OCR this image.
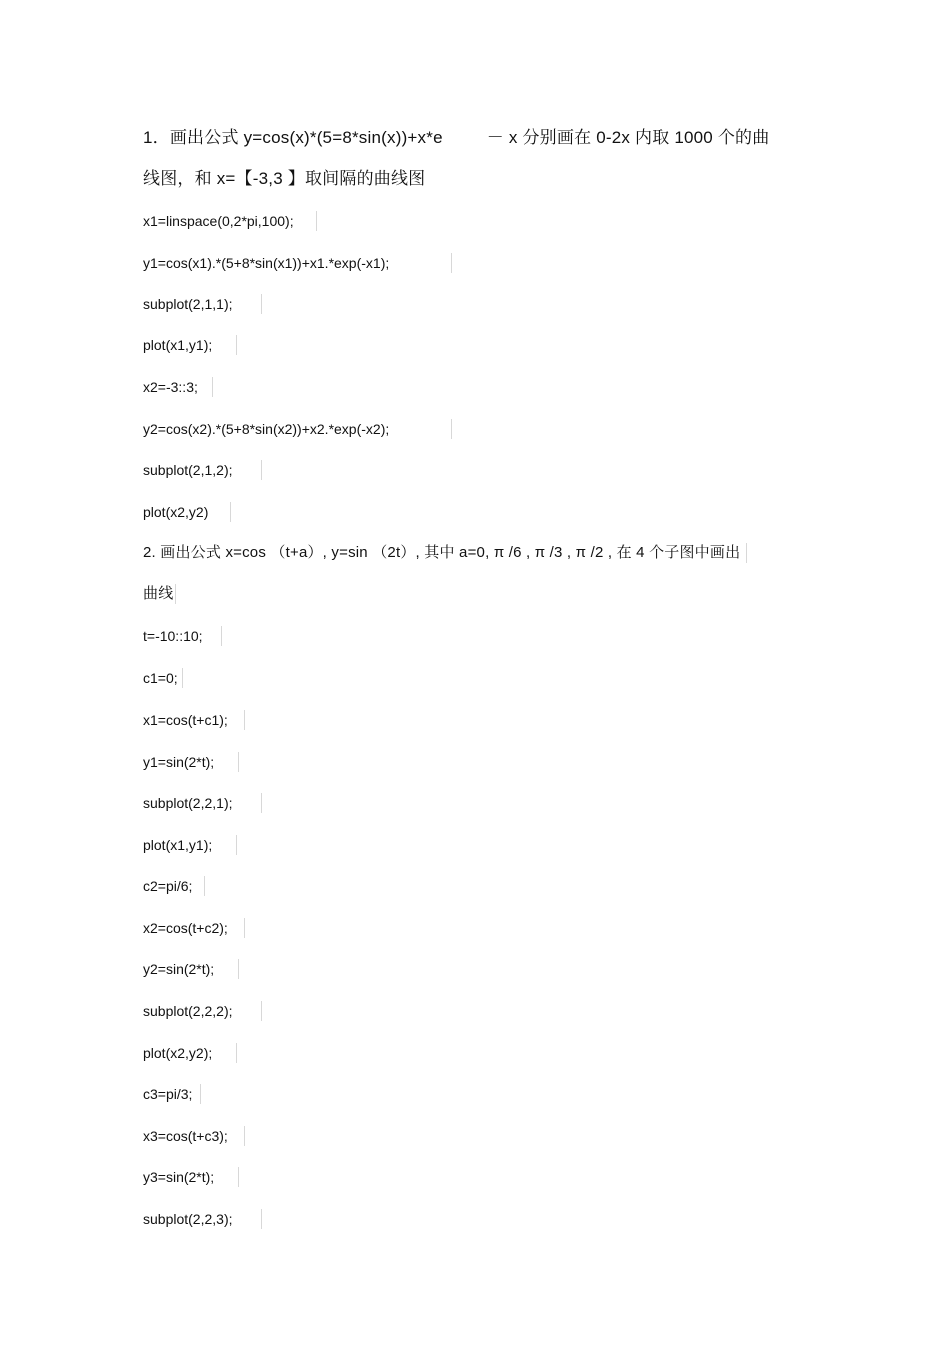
1．画出公式 y=cos(x)*(5=8*sin(x))+x*e	－ x 分别画在 0-2x 内取 1000 个的曲
线图，和 x=【-3,3 】取间隔的曲线图
x1=linspace(0,2*pi,100);
y1=cos(x1).*(5+8*sin(x1))+x1.*exp(-x1);
subplot(2,1,1);
plot(x1,y1);
x2=-3::3;
y2=cos(x2).*(5+8*sin(x2))+x2.*exp(-x2);
subplot(2,1,2);
plot(x2,y2)
2. 画出公式 x=cos （t+a）, y=sin （2t）, 其中 a=0, π /6 , π /3 , π /2 , 在 4 个子图中画出
曲线
t=-10::10;
c1=0;
x1=cos(t+c1);
y1=sin(2*t);
subplot(2,2,1);
plot(x1,y1);
c2=pi/6;
x2=cos(t+c2);
y2=sin(2*t);
subplot(2,2,2);
plot(x2,y2);
c3=pi/3;
x3=cos(t+c3);
y3=sin(2*t);
subplot(2,2,3);
